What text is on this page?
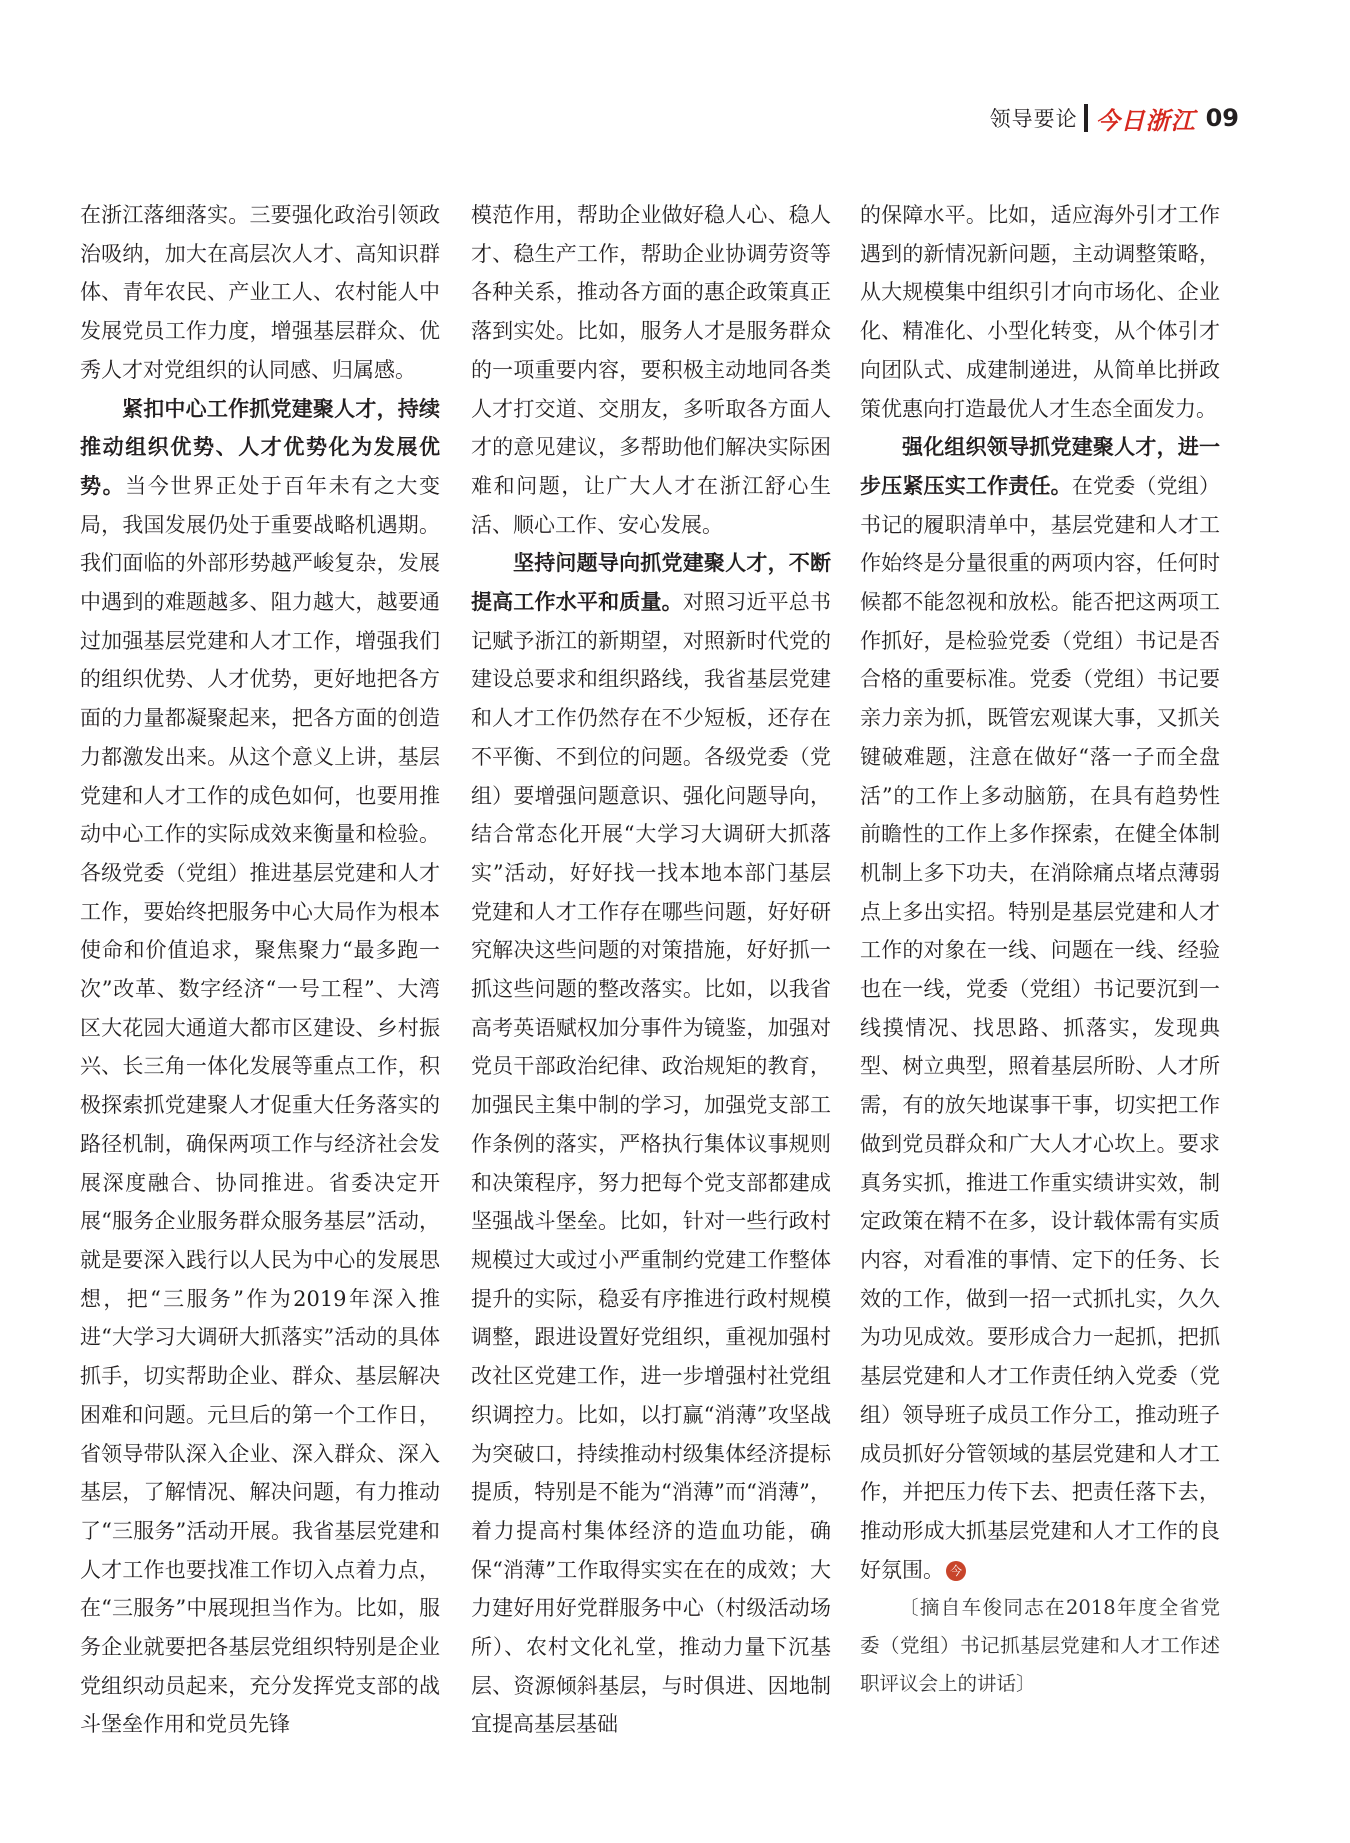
领导要论 今日浙江 09

在浙江落细落实。三要强化政治引领政治吸纳，加大在高层次人才、高知识群体、青年农民、产业工人、农村能人中发展党员工作力度，增强基层群众、优秀人才对党组织的认同感、归属感。

紧扣中心工作抓党建聚人才，持续推动组织优势、人才优势化为发展优势。当今世界正处于百年未有之大变局，我国发展仍处于重要战略机遇期。我们面临的外部形势越严峻复杂，发展中遇到的难题越多、阻力越大，越要通过加强基层党建和人才工作，增强我们的组织优势、人才优势，更好地把各方面的力量都凝聚起来，把各方面的创造力都激发出来。从这个意义上讲，基层党建和人才工作的成色如何，也要用推动中心工作的实际成效来衡量和检验。各级党委（党组）推进基层党建和人才工作，要始终把服务中心大局作为根本使命和价值追求，聚焦聚力“最多跑一次”改革、数字经济“一号工程”、大湾区大花园大通道大都市区建设、乡村振兴、长三角一体化发展等重点工作，积极探索抓党建聚人才促重大任务落实的路径机制，确保两项工作与经济社会发展深度融合、协同推进。省委决定开展“服务企业服务群众服务基层”活动，就是要深入践行以人民为中心的发展思想，把“三服务”作为2019年深入推进“大学习大调研大抓落实”活动的具体抓手，切实帮助企业、群众、基层解决困难和问题。元旦后的第一个工作日，省领导带队深入企业、深入群众、深入基层，了解情况、解决问题，有力推动了“三服务”活动开展。我省基层党建和人才工作也要找准工作切入点着力点，在“三服务”中展现担当作为。比如，服务企业就要把各基层党组织特别是企业党组织动员起来，充分发挥党支部的战斗堡垒作用和党员先锋

模范作用，帮助企业做好稳人心、稳人才、稳生产工作，帮助企业协调劳资等各种关系，推动各方面的惠企政策真正落到实处。比如，服务人才是服务群众的一项重要内容，要积极主动地同各类人才打交道、交朋友，多听取各方面人才的意见建议，多帮助他们解决实际困难和问题，让广大人才在浙江舒心生活、顺心工作、安心发展。

坚持问题导向抓党建聚人才，不断提高工作水平和质量。对照习近平总书记赋予浙江的新期望，对照新时代党的建设总要求和组织路线，我省基层党建和人才工作仍然存在不少短板，还存在不平衡、不到位的问题。各级党委（党组）要增强问题意识、强化问题导向，结合常态化开展“大学习大调研大抓落实”活动，好好找一找本地本部门基层党建和人才工作存在哪些问题，好好研究解决这些问题的对策措施，好好抓一抓这些问题的整改落实。比如，以我省高考英语赋权加分事件为镜鉴，加强对党员干部政治纪律、政治规矩的教育，加强民主集中制的学习，加强党支部工作条例的落实，严格执行集体议事规则和决策程序，努力把每个党支部都建成坚强战斗堡垒。比如，针对一些行政村规模过大或过小严重制约党建工作整体提升的实际，稳妥有序推进行政村规模调整，跟进设置好党组织，重视加强村改社区党建工作，进一步增强村社党组织调控力。比如，以打赢“消薄”攻坚战为突破口，持续推动村级集体经济提标提质，特别是不能为“消薄”而“消薄”，着力提高村集体经济的造血功能，确保“消薄”工作取得实实在在的成效；大力建好用好党群服务中心（村级活动场所）、农村文化礼堂，推动力量下沉基层、资源倾斜基层，与时俱进、因地制宜提高基层基础

的保障水平。比如，适应海外引才工作遇到的新情况新问题，主动调整策略，从大规模集中组织引才向市场化、企业化、精准化、小型化转变，从个体引才向团队式、成建制递进，从简单比拼政策优惠向打造最优人才生态全面发力。

强化组织领导抓党建聚人才，进一步压紧压实工作责任。在党委（党组）书记的履职清单中，基层党建和人才工作始终是分量很重的两项内容，任何时候都不能忽视和放松。能否把这两项工作抓好，是检验党委（党组）书记是否合格的重要标准。党委（党组）书记要亲力亲为抓，既管宏观谋大事，又抓关键破难题，注意在做好“落一子而全盘活”的工作上多动脑筋，在具有趋势性前瞻性的工作上多作探索，在健全体制机制上多下功夫，在消除痛点堵点薄弱点上多出实招。特别是基层党建和人才工作的对象在一线、问题在一线、经验也在一线，党委（党组）书记要沉到一线摸情况、找思路、抓落实，发现典型、树立典型，照着基层所盼、人才所需，有的放矢地谋事干事，切实把工作做到党员群众和广大人才心坎上。要求真务实抓，推进工作重实绩讲实效，制定政策在精不在多，设计载体需有实质内容，对看准的事情、定下的任务、长效的工作，做到一招一式抓扎实，久久为功见成效。要形成合力一起抓，把抓基层党建和人才工作责任纳入党委（党组）领导班子成员工作分工，推动班子成员抓好分管领域的基层党建和人才工作，并把压力传下去、把责任落下去，推动形成大抓基层党建和人才工作的良好氛围。 今

〔摘自车俊同志在2018年度全省党委（党组）书记抓基层党建和人才工作述职评议会上的讲话〕
